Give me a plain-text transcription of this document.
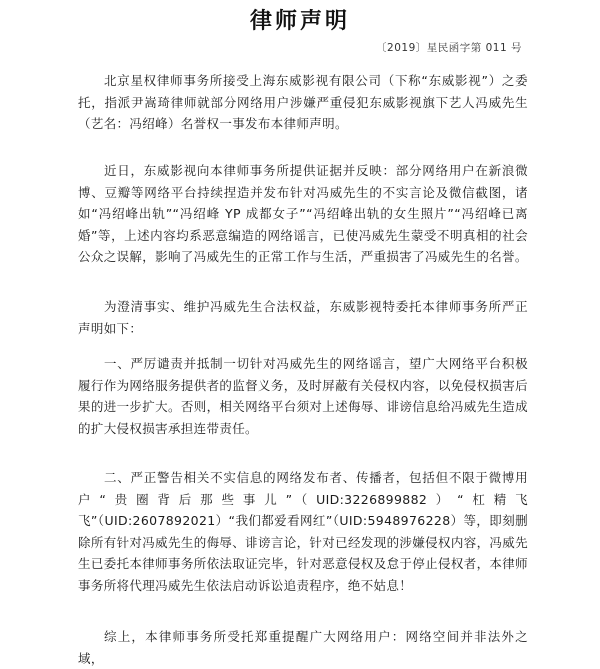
律师声明
〔2019〕星民函字第 011 号

北京星权律师事务所接受上海东威影视有限公司（下称“东威影视”）之委托，指派尹嵩琦律师就部分网络用户涉嫌严重侵犯东威影视旗下艺人冯威先生（艺名：冯绍峰）名誉权一事发布本律师声明。

近日，东威影视向本律师事务所提供证据并反映：部分网络用户在新浪微博、豆瓣等网络平台持续捏造并发布针对冯威先生的不实言论及微信截图，诸如“冯绍峰出轨”“冯绍峰 YP 成都女子”“冯绍峰出轨的女生照片”“冯绍峰已离婚”等，上述内容均系恶意编造的网络谣言，已使冯威先生蒙受不明真相的社会公众之误解，影响了冯威先生的正常工作与生活，严重损害了冯威先生的名誉。

为澄清事实、维护冯威先生合法权益，东威影视特委托本律师事务所严正声明如下：

一、严厉谴责并抵制一切针对冯威先生的网络谣言，望广大网络平台积极履行作为网络服务提供者的监督义务，及时屏蔽有关侵权内容，以免侵权损害后果的进一步扩大。否则，相关网络平台须对上述侮辱、诽谤信息给冯威先生造成的扩大侵权损害承担连带责任。

二、严正警告相关不实信息的网络发布者、传播者，包括但不限于微博用户“贵圈背后那些事儿”（UID:3226899882）“杠精飞飞”（UID:2607892021）“我们都爱看网红”（UID:5948976228）等，即刻删除所有针对冯威先生的侮辱、诽谤言论，针对已经发现的涉嫌侵权内容，冯威先生已委托本律师事务所依法取证完毕，针对恶意侵权及怠于停止侵权者，本律师事务所将代理冯威先生依法启动诉讼追责程序，绝不姑息！

综上，本律师事务所受托郑重提醒广大网络用户：网络空间并非法外之域，
